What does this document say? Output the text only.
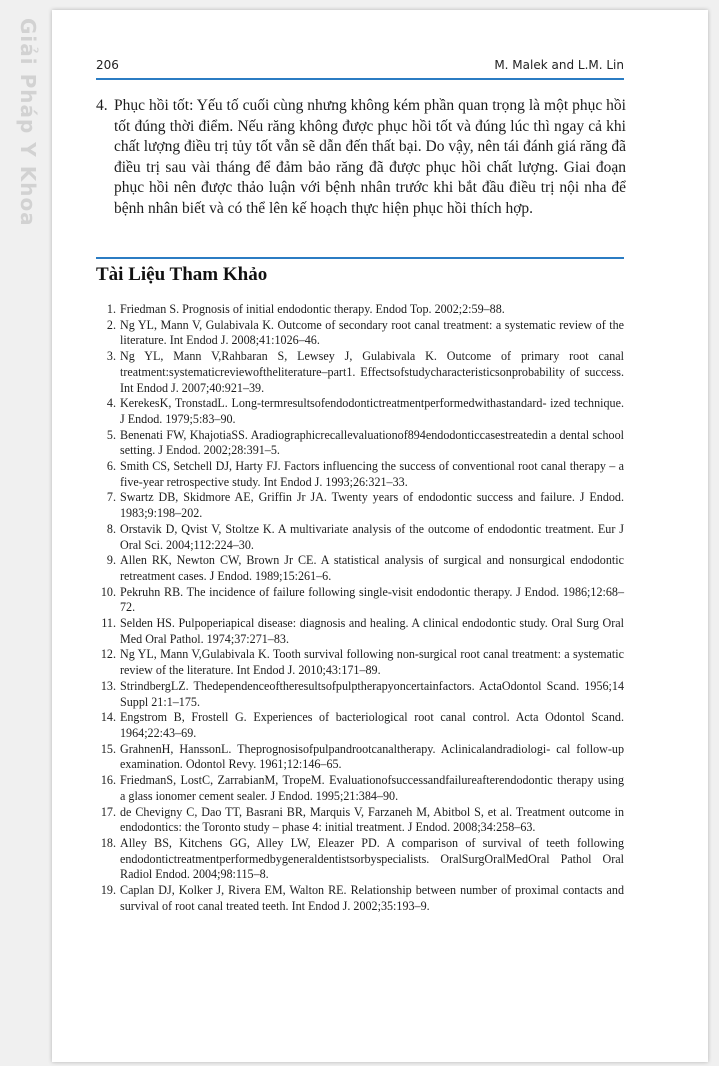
Giải Pháp Y Khoa	206	M. Malek and L.M. Lin
4. Phục hồi tốt: Yếu tố cuối cùng nhưng không kém phần quan trọng là một phục hồi tốt đúng thời điểm. Nếu răng không được phục hồi tốt và đúng lúc thì ngay cả khi chất lượng điều trị tủy tốt vẫn sẽ dẫn đến thất bại. Do vậy, nên tái đánh giá răng đã điều trị sau vài tháng để đảm bảo răng đã được phục hồi chất lượng. Giai đoạn phục hồi nên được thảo luận với bệnh nhân trước khi bắt đầu điều trị nội nha để bệnh nhân biết và có thể lên kế hoạch thực hiện phục hồi thích hợp.
Tài Liệu Tham Khảo
1. Friedman S. Prognosis of initial endodontic therapy. Endod Top. 2002;2:59–88.
2. Ng YL, Mann V, Gulabivala K. Outcome of secondary root canal treatment: a systematic review of the literature. Int Endod J. 2008;41:1026–46.
3. Ng YL, Mann V,Rahbaran S, Lewsey J, Gulabivala K. Outcome of primary root canal treatment:systematicreviewoftheliterature–part1. Effectsofstudycharacteristicsonprobability of success. Int Endod J. 2007;40:921–39.
4. KerekesK, TronstadL. Long-termresultsofendodontictreatmentperformedwithastandard- ized technique. J Endod. 1979;5:83–90.
5. Benenati FW, KhajotiaSS. Aradiographicrecallevaluationof894endodonticcasestreatedin a dental school setting. J Endod. 2002;28:391–5.
6. Smith CS, Setchell DJ, Harty FJ. Factors influencing the success of conventional root canal therapy – a five-year retrospective study. Int Endod J. 1993;26:321–33.
7. Swartz DB, Skidmore AE, Griffin Jr JA. Twenty years of endodontic success and failure. J Endod. 1983;9:198–202.
8. Orstavik D, Qvist V, Stoltze K. A multivariate analysis of the outcome of endodontic treatment. Eur J Oral Sci. 2004;112:224–30.
9. Allen RK, Newton CW, Brown Jr CE. A statistical analysis of surgical and nonsurgical endodontic retreatment cases. J Endod. 1989;15:261–6.
10. Pekruhn RB. The incidence of failure following single-visit endodontic therapy. J Endod. 1986;12:68–72.
11. Selden HS. Pulpoperiapical disease: diagnosis and healing. A clinical endodontic study. Oral Surg Oral Med Oral Pathol. 1974;37:271–83.
12. Ng YL, Mann V,Gulabivala K. Tooth survival following non-surgical root canal treatment: a systematic review of the literature. Int Endod J. 2010;43:171–89.
13. StrindbergLZ. Thedependenceoftheresultsofpulptherapyoncertainfactors. ActaOdontol Scand. 1956;14 Suppl 21:1–175.
14. Engstrom B, Frostell G. Experiences of bacteriological root canal control. Acta Odontol Scand. 1964;22:43–69.
15. GrahnenH, HanssonL. Theprognosisofpulpandrootcanaltherapy. Aclinicalandradiologi- cal follow-up examination. Odontol Revy. 1961;12:146–65.
16. FriedmanS, LostC, ZarrabianM, TropeM. Evaluationofsuccessandfailureafterendodontic therapy using a glass ionomer cement sealer. J Endod. 1995;21:384–90.
17. de Chevigny C, Dao TT, Basrani BR, Marquis V, Farzaneh M, Abitbol S, et al. Treatment outcome in endodontics: the Toronto study – phase 4: initial treatment. J Endod. 2008;34:258–63.
18. Alley BS, Kitchens GG, Alley LW, Eleazer PD. A comparison of survival of teeth following endodontictreatmentperformedbygeneraldentistsorbyspecialists. OralSurgOralMedOral Pathol Oral Radiol Endod. 2004;98:115–8.
19. Caplan DJ, Kolker J, Rivera EM, Walton RE. Relationship between number of proximal contacts and survival of root canal treated teeth. Int Endod J. 2002;35:193–9.
